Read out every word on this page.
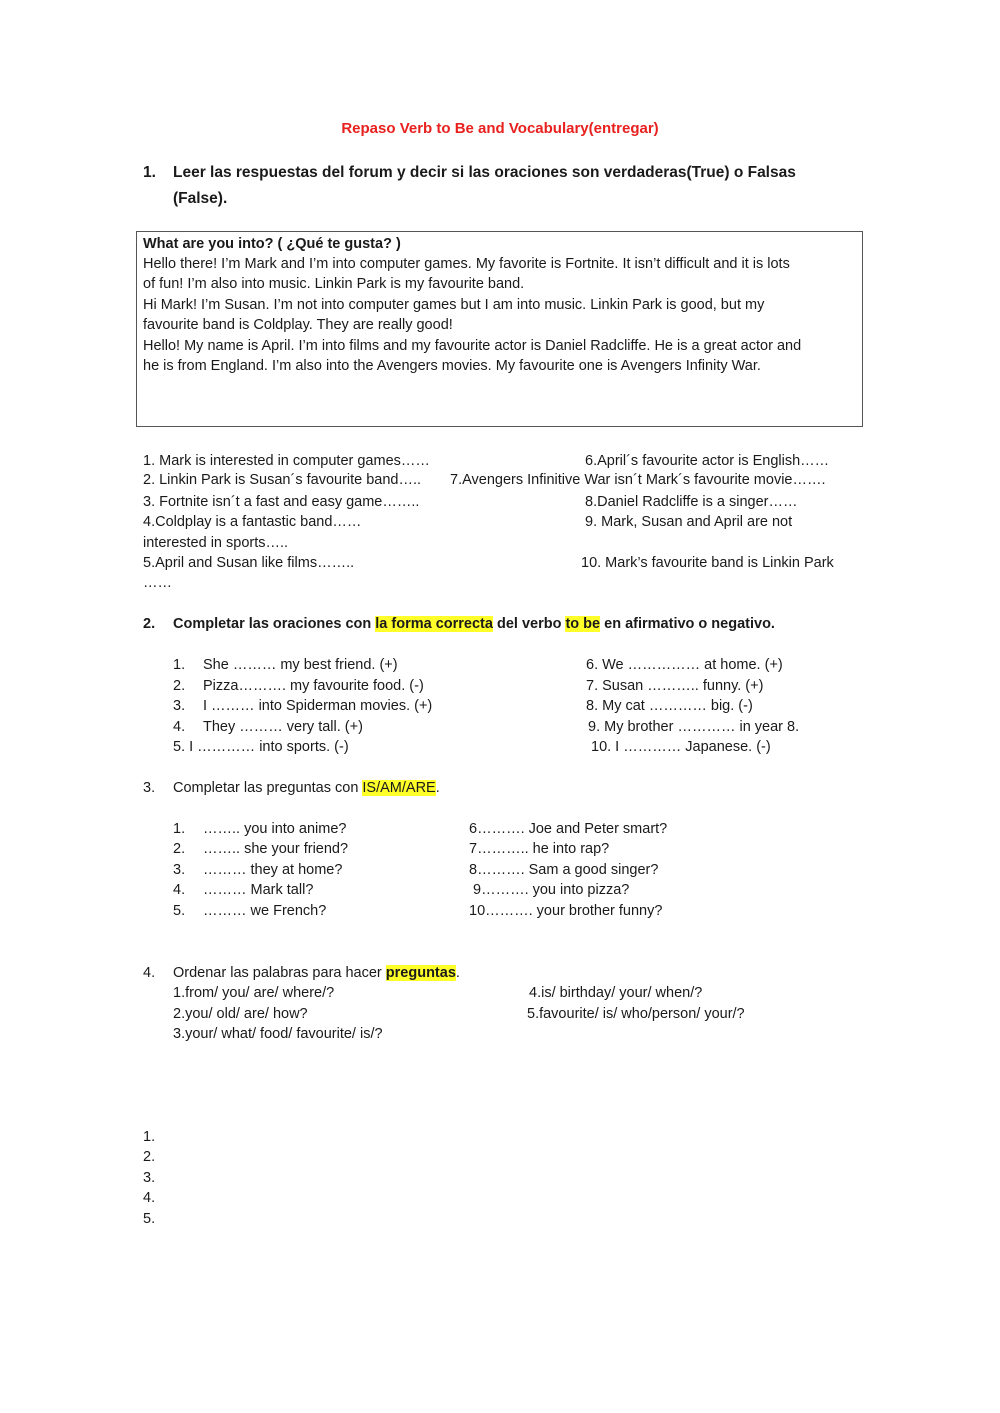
Repaso Verb to Be and Vocabulary(entregar)
1. Leer las respuestas del forum y decir si las oraciones son verdaderas(True) o Falsas
(False).
What are you into? ( ¿Qué te gusta? )
Hello there! I’m Mark and I’m into computer games. My favorite is Fortnite. It isn’t difficult and it is lots
of fun! I’m also into music. Linkin Park is my favourite band.
Hi Mark! I’m Susan. I’m not into computer games but I am into music. Linkin Park is good, but my
favourite band is Coldplay. They are really good!
Hello! My name is April. I’m into films and my favourite actor is Daniel Radcliffe. He is a great actor and
he is from England. I’m also into the Avengers movies. My favourite one is Avengers Infinity War.
1. Mark is interested in computer games……
2. Linkin Park is Susan´s favourite band…..
3. Fortnite isn´t a fast and easy game……..
4.Coldplay is a fantastic band……
interested in sports…..
5.April and Susan like films……..
……
6.April´s favourite actor is English……
7.Avengers Infinitive War isn´t Mark´s favourite movie…….
8.Daniel Radcliffe is a singer……
9. Mark, Susan and April are not
10. Mark’s favourite band is Linkin Park
2. Completar las oraciones con la forma correcta del verbo to be en afirmativo o negativo.
1. She ……… my best friend. (+)
2. Pizza………. my favourite food. (-)
3. I ……… into Spiderman movies. (+)
4. They ……… very tall. (+)
5. I ………… into sports. (-)
6. We …………… at home. (+)
7. Susan ……….. funny. (+)
8. My cat ………… big. (-)
9. My brother ………… in year 8.
10. I ………… Japanese. (-)
3. Completar las preguntas con IS/AM/ARE.
1. …….. you into anime?
2. …….. she your friend?
3. ……… they at home?
4. ……… Mark tall?
5. ……… we French?
6………. Joe and Peter smart?
7……….. he into rap?
8………. Sam a good singer?
9………. you into pizza?
10………. your brother funny?
4. Ordenar las palabras para hacer preguntas.
1.from/ you/ are/ where/?
2.you/ old/ are/ how?
3.your/ what/ food/ favourite/ is/?
4.is/ birthday/ your/ when/?
5.favourite/ is/ who/person/ your/?
1.
2.
3.
4.
5.
